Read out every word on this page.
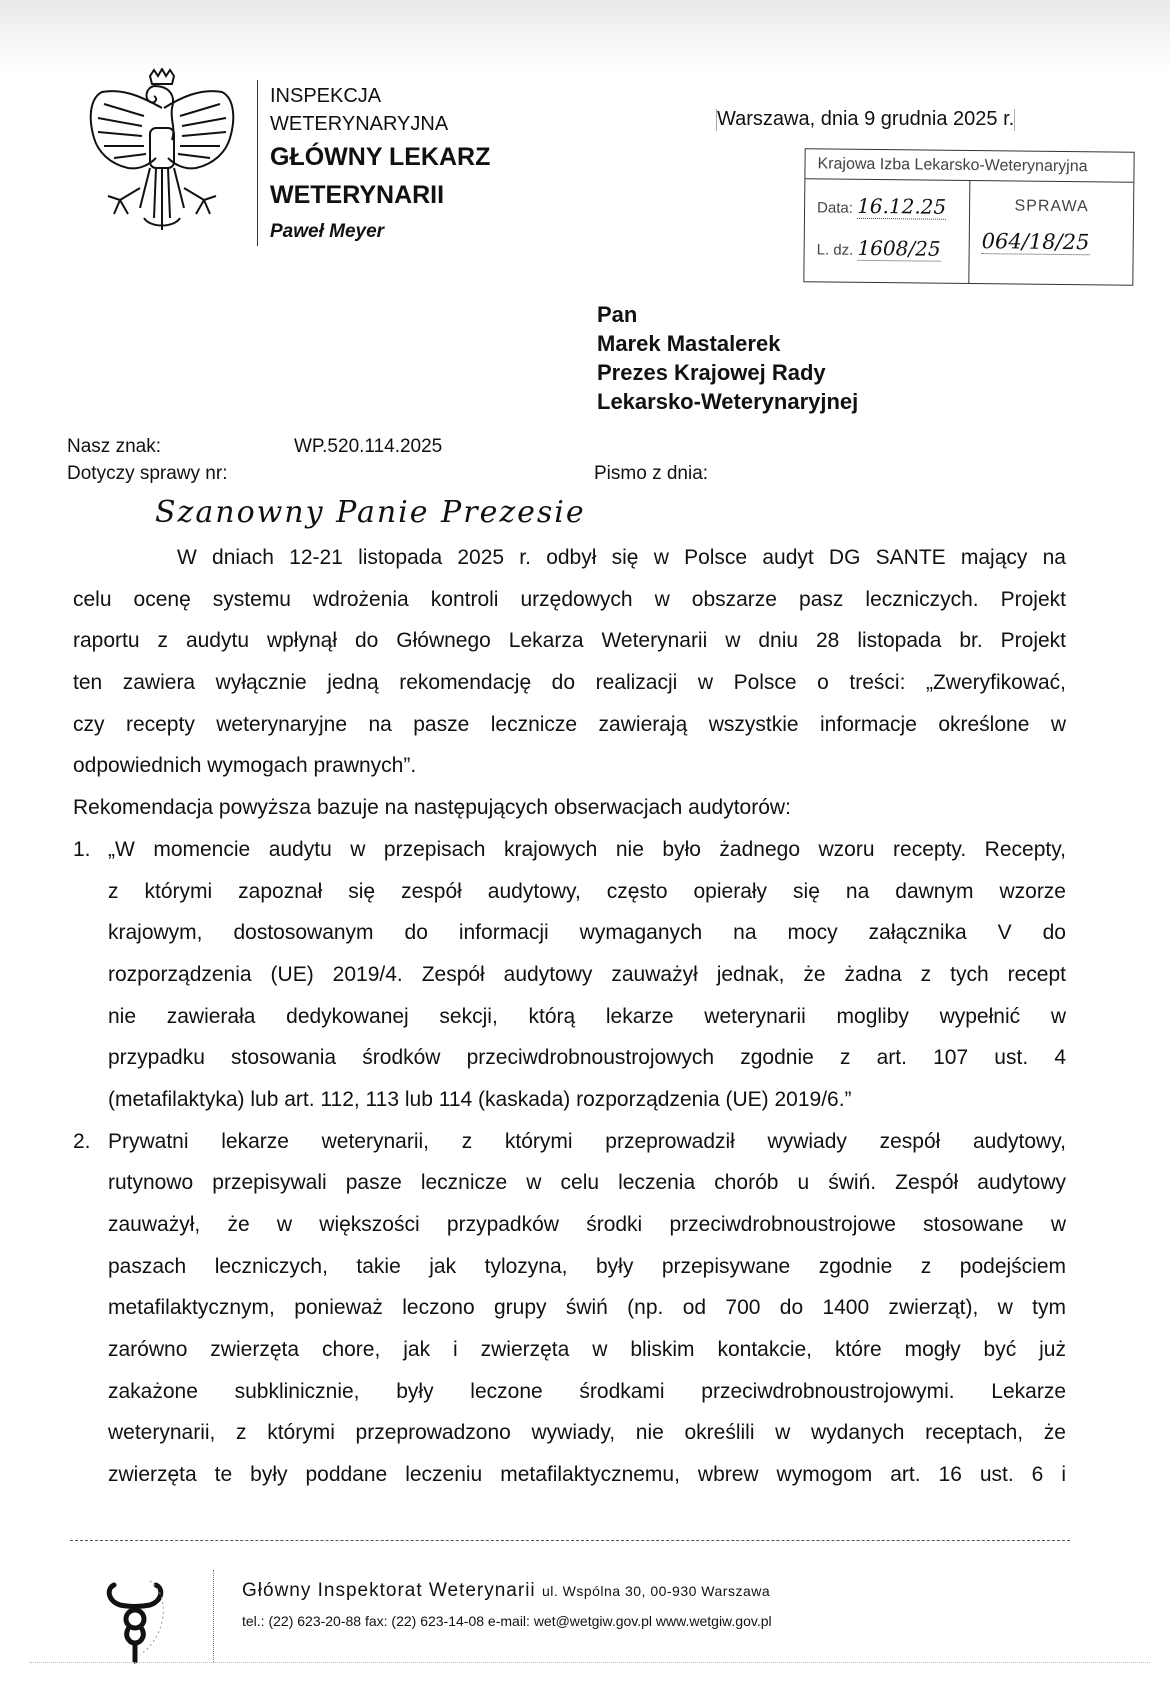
INSPEKCJA
WETERYNARYJNA
GŁÓWNY LEKARZ
WETERYNARII
Paweł Meyer
Warszawa, dnia 9 grudnia 2025 r.
Krajowa Izba Lekarsko-Weterynaryjna
Data: 16.12.25
L. dz. 1608/25
SPRAWA
064/18/25
Pan
Marek Mastalerek
Prezes Krajowej Rady
Lekarsko-Weterynaryjnej
Nasz znak:	WP.520.114.2025
Dotyczy sprawy nr:	Pismo z dnia:
Szanowny Panie Prezesie
W dniach 12-21 listopada 2025 r. odbył się w Polsce audyt DG SANTE mający na
celu ocenę systemu wdrożenia kontroli urzędowych w obszarze pasz leczniczych. Projekt
raportu z audytu wpłynął do Głównego Lekarza Weterynarii w dniu 28 listopada br. Projekt
ten zawiera wyłącznie jedną rekomendację do realizacji w Polsce o treści: „Zweryfikować,
czy recepty weterynaryjne na pasze lecznicze zawierają wszystkie informacje określone w
odpowiednich wymogach prawnych”.
Rekomendacja powyższa bazuje na następujących obserwacjach audytorów:
1. „W momencie audytu w przepisach krajowych nie było żadnego wzoru recepty. Recepty,
z którymi zapoznał się zespół audytowy, często opierały się na dawnym wzorze
krajowym, dostosowanym do informacji wymaganych na mocy załącznika V do
rozporządzenia (UE) 2019/4. Zespół audytowy zauważył jednak, że żadna z tych recept
nie zawierała dedykowanej sekcji, którą lekarze weterynarii mogliby wypełnić w
przypadku stosowania środków przeciwdrobnoustrojowych zgodnie z art. 107 ust. 4
(metafilaktyka) lub art. 112, 113 lub 114 (kaskada) rozporządzenia (UE) 2019/6.”
2. Prywatni lekarze weterynarii, z którymi przeprowadził wywiady zespół audytowy,
rutynowo przepisywali pasze lecznicze w celu leczenia chorób u świń. Zespół audytowy
zauważył, że w większości przypadków środki przeciwdrobnoustrojowe stosowane w
paszach leczniczych, takie jak tylozyna, były przepisywane zgodnie z podejściem
metafilaktycznym, ponieważ leczono grupy świń (np. od 700 do 1400 zwierząt), w tym
zarówno zwierzęta chore, jak i zwierzęta w bliskim kontakcie, które mogły być już
zakażone subklinicznie, były leczone środkami przeciwdrobnoustrojowymi. Lekarze
weterynarii, z którymi przeprowadzono wywiady, nie określili w wydanych receptach, że
zwierzęta te były poddane leczeniu metafilaktycznemu, wbrew wymogom art. 16 ust. 6 i
Główny Inspektorat Weterynarii ul. Wspólna 30, 00-930 Warszawa
tel.: (22) 623-20-88 fax: (22) 623-14-08 e-mail: wet@wetgiw.gov.pl www.wetgiw.gov.pl
